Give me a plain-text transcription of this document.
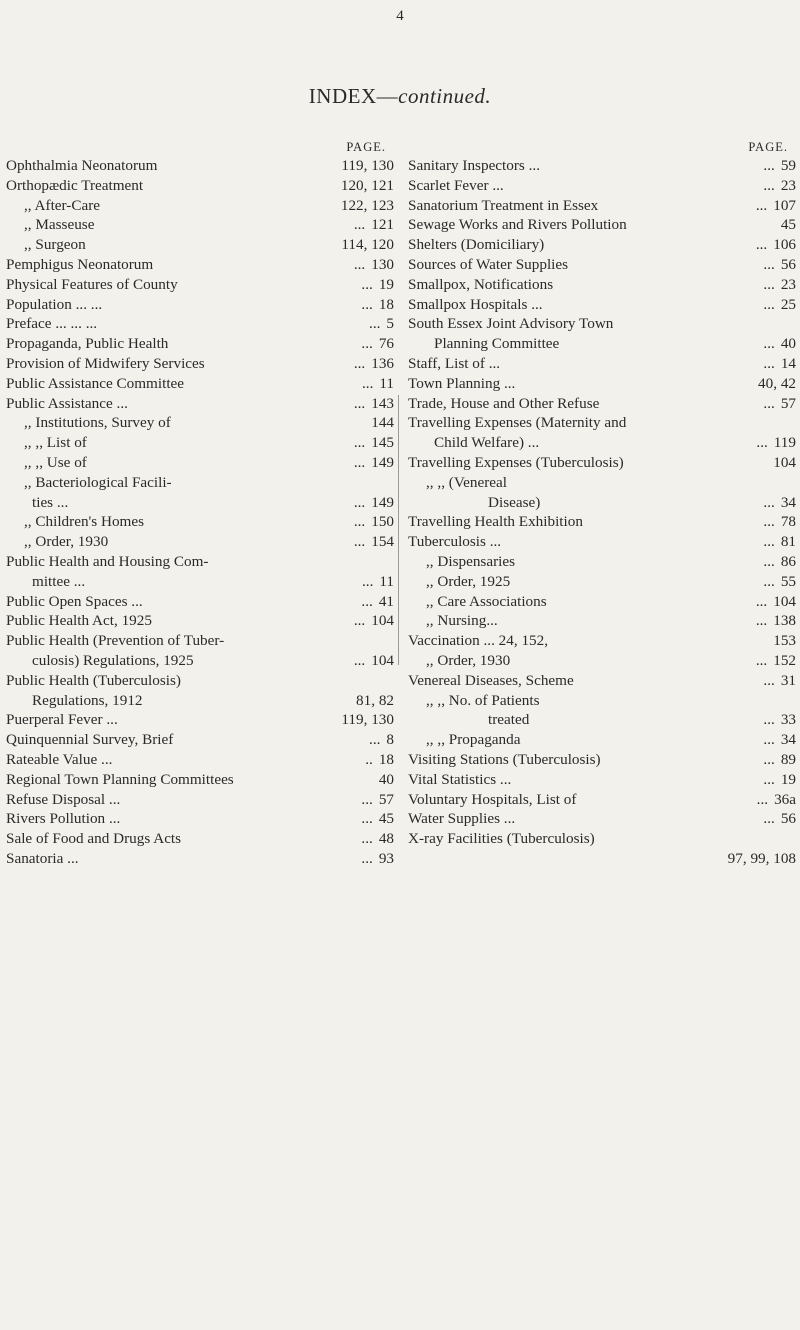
4
INDEX—continued.
PAGE.
Ophthalmia Neonatorum	119, 130
Orthopædic Treatment	120, 121
,, After-Care	122, 123
,, Masseuse	... 121
,, Surgeon	114, 120
Pemphigus Neonatorum	... 130
Physical Features of County	... 19
Population ... ...	... 18
Preface ... ... ...	... 5
Propaganda, Public Health	... 76
Provision of Midwifery Services	... 136
Public Assistance Committee	... 11
Public Assistance ...	... 143
,, Institutions, Survey of	144
,, ,, List of	... 145
,, ,, Use of	... 149
,, Bacteriological Facili-
ties ...	... 149
,, Children's Homes	... 150
,, Order, 1930	... 154
Public Health and Housing Com-
mittee ...	... 11
Public Open Spaces ...	... 41
Public Health Act, 1925	... 104
Public Health (Prevention of Tuber-
culosis) Regulations, 1925	... 104
Public Health (Tuberculosis)
Regulations, 1912	81, 82
Puerperal Fever ...	119, 130
Quinquennial Survey, Brief	... 8
Rateable Value ...	.. 18
Regional Town Planning Committees	40
Refuse Disposal ...	... 57
Rivers Pollution ...	... 45
Sale of Food and Drugs Acts	... 48
Sanatoria ...	... 93
PAGE.
Sanitary Inspectors ...	... 59
Scarlet Fever ...	... 23
Sanatorium Treatment in Essex	... 107
Sewage Works and Rivers Pollution	45
Shelters (Domiciliary)	... 106
Sources of Water Supplies	... 56
Smallpox, Notifications	... 23
Smallpox Hospitals ...	... 25
South Essex Joint Advisory Town
Planning Committee	... 40
Staff, List of ...	... 14
Town Planning ...	40, 42
Trade, House and Other Refuse	... 57
Travelling Expenses (Maternity and
Child Welfare) ...	... 119
Travelling Expenses (Tuberculosis)	104
,, ,, (Venereal
Disease)	... 34
Travelling Health Exhibition	... 78
Tuberculosis ...	... 81
,, Dispensaries	... 86
,, Order, 1925	... 55
,, Care Associations	... 104
,, Nursing...	... 138
Vaccination ... 24, 152,	153
,, Order, 1930	... 152
Venereal Diseases, Scheme	... 31
,, ,, No. of Patients
treated	... 33
,, ,, Propaganda	... 34
Visiting Stations (Tuberculosis)	... 89
Vital Statistics ...	... 19
Voluntary Hospitals, List of	... 36a
Water Supplies ...	... 56
X-ray Facilities (Tuberculosis)
97, 99, 108
